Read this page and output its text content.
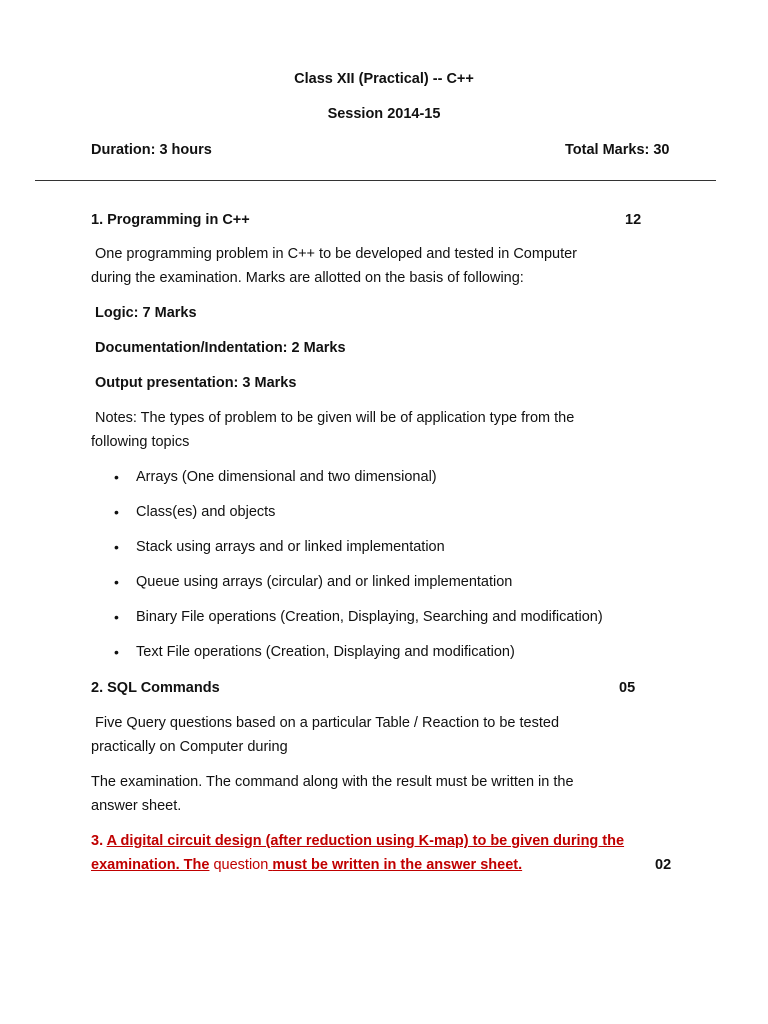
Class XII (Practical) -- C++
Session 2014-15
Duration: 3 hours	Total Marks: 30
1. Programming in C++	12
One programming problem in C++ to be developed and tested in Computer
during the examination. Marks are allotted on the basis of following:
Logic: 7 Marks
Documentation/Indentation: 2 Marks
Output presentation: 3 Marks
Notes: The types of problem to be given will be of application type from the
following topics
• Arrays (One dimensional and two dimensional)
• Class(es) and objects
• Stack using arrays and or linked implementation
• Queue using arrays (circular) and or linked implementation
• Binary File operations (Creation, Displaying, Searching and modification)
• Text File operations (Creation, Displaying and modification)
2. SQL Commands	05
Five Query questions based on a particular Table / Reaction to be tested
practically on Computer during
The examination. The command along with the result must be written in the
answer sheet.
3. A digital circuit design (after reduction using K-map) to be given during the
examination. The question must be written in the answer sheet.	02
